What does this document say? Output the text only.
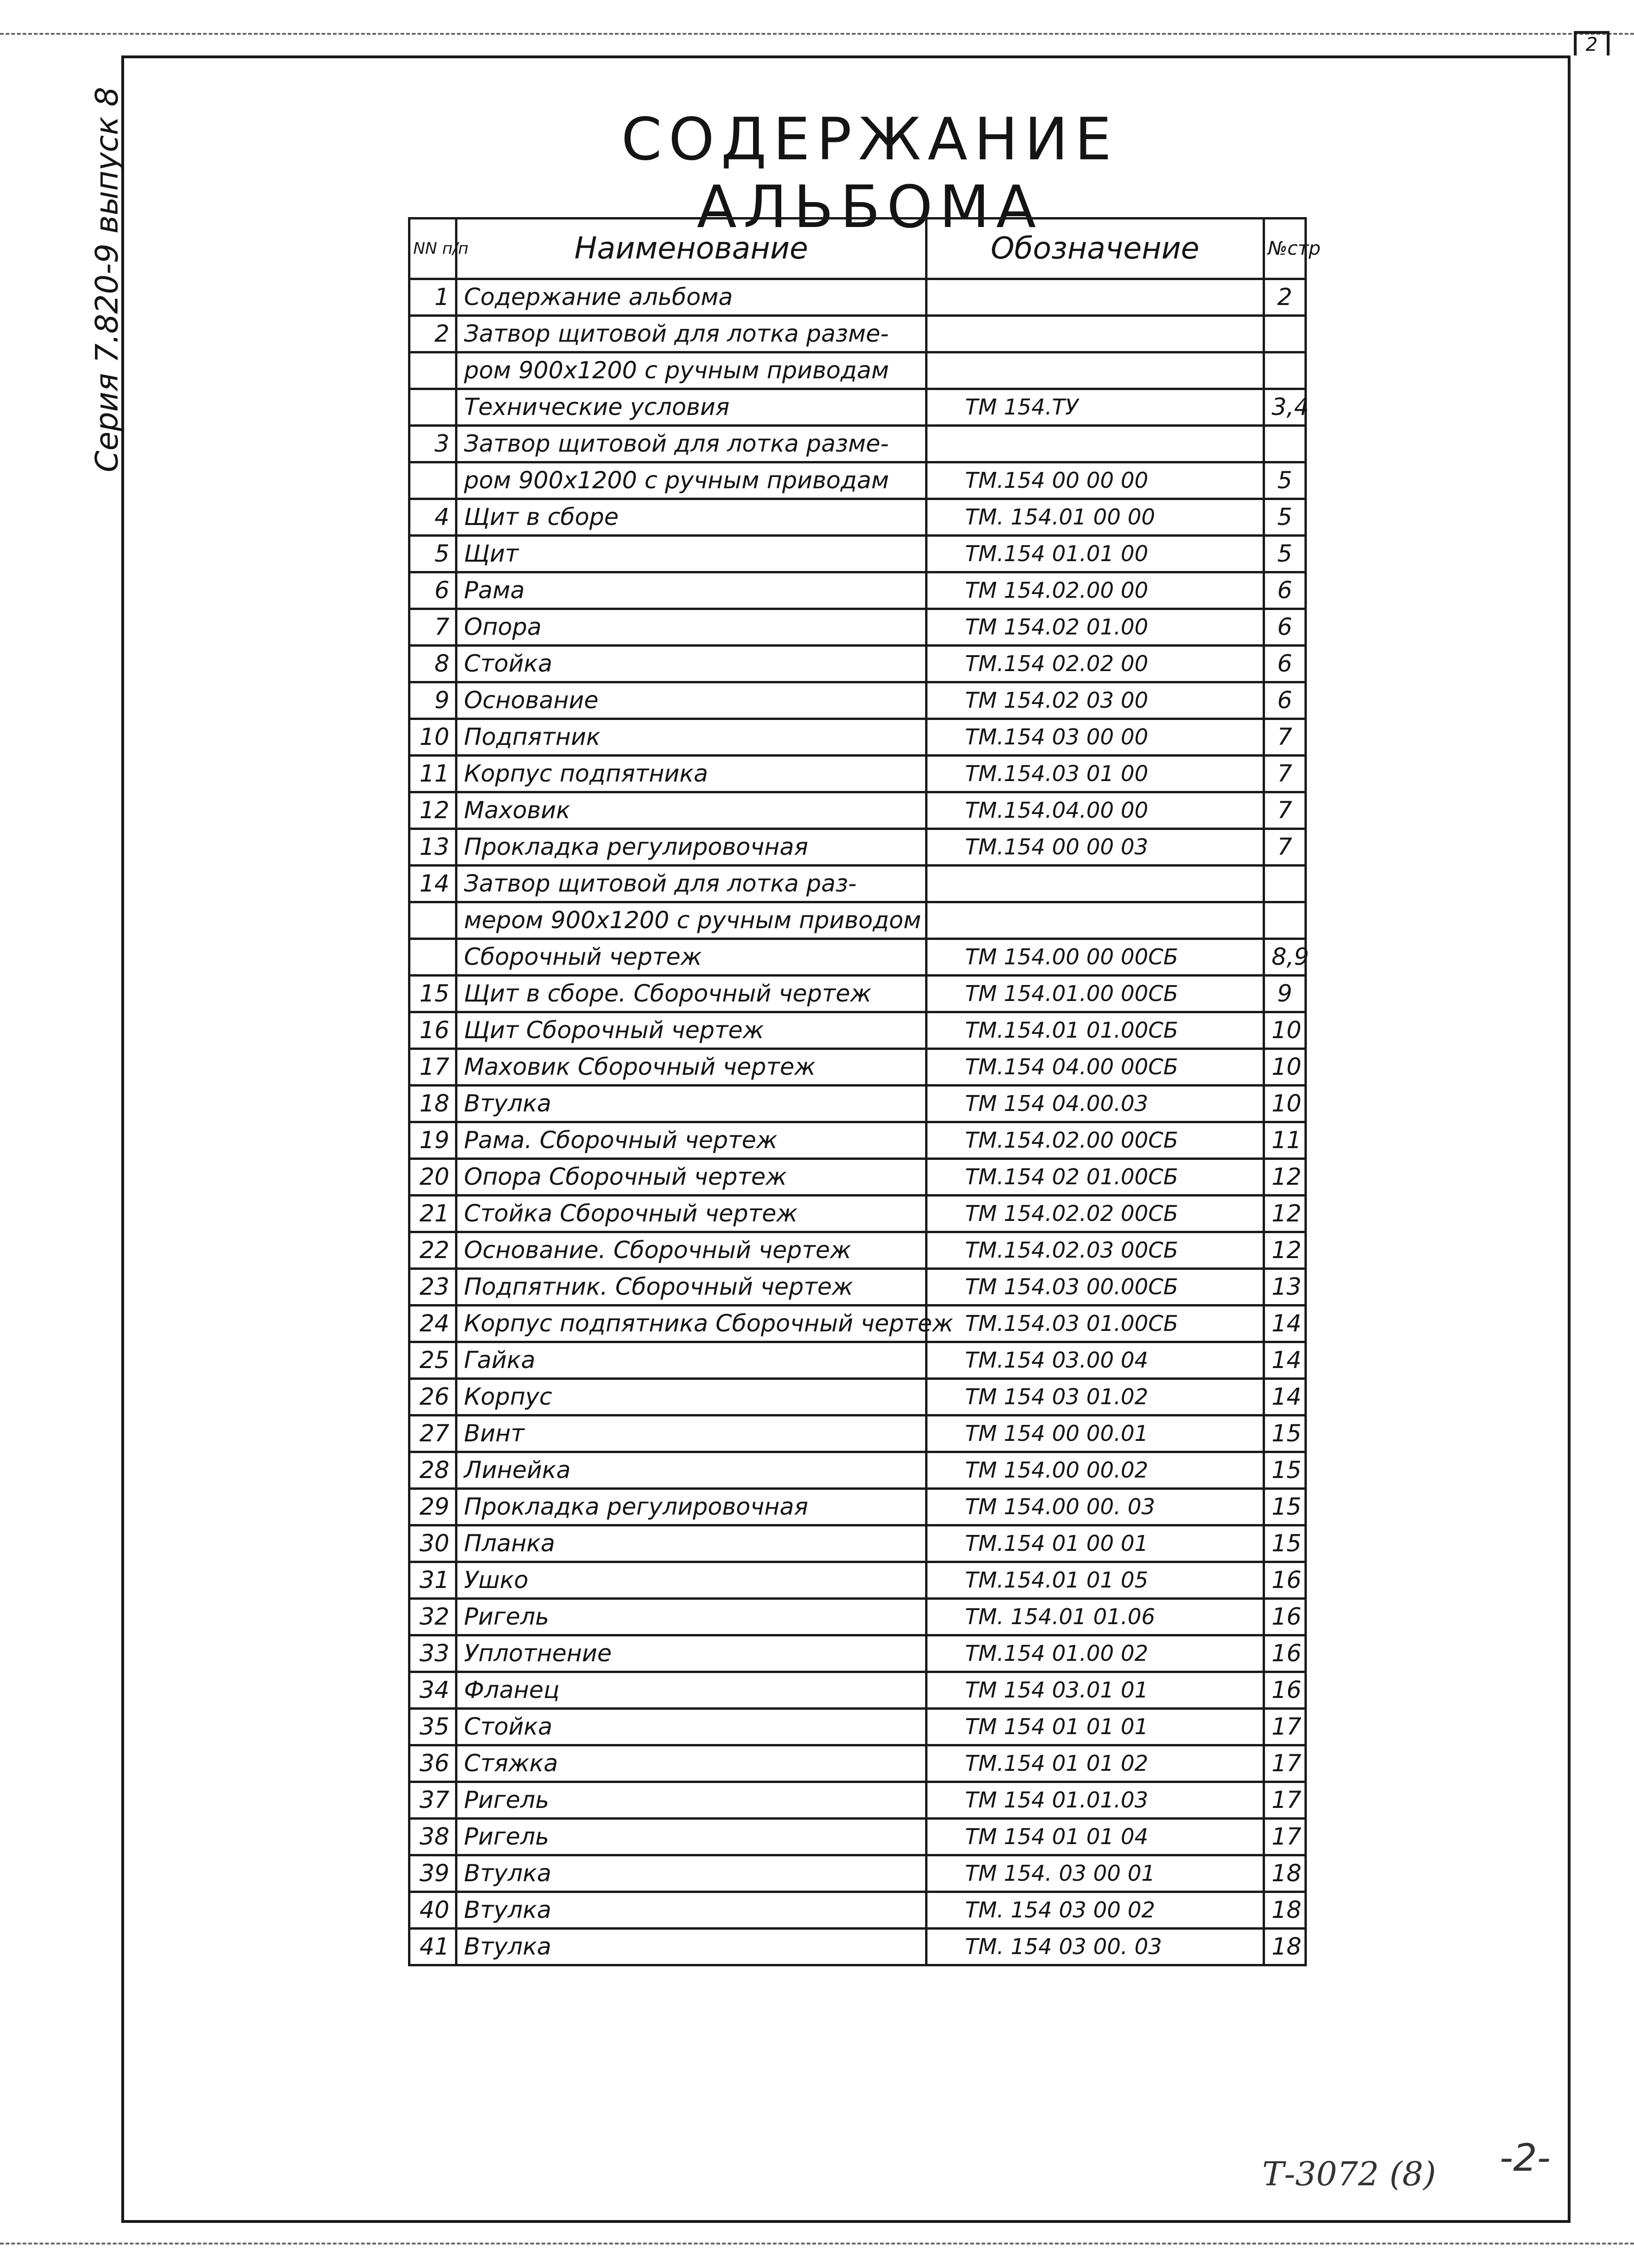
2
Серия 7.820-9 выпуск 8	СОДЕРЖАНИЕ АЛЬБОМА
NN п/п	Наименование	Обозначение	№стр
1	Содержание альбома		2
2	Затвор щитовой для лотка разме-		
	ром 900х1200 с ручным приводам		
	Технические условия	ТМ 154.ТУ	3,4
3	Затвор щитовой для лотка разме-		
	ром 900х1200 с ручным приводам	ТМ.154 00 00 00	5
4	Щит в сборе	ТМ. 154.01 00 00	5
5	Щит	ТМ.154 01.01 00	5
6	Рама	ТМ 154.02.00 00	6
7	Опора	ТМ 154.02 01.00	6
8	Стойка	ТМ.154 02.02 00	6
9	Основание	ТМ 154.02 03 00	6
10	Подпятник	ТМ.154 03 00 00	7
11	Корпус подпятника	ТМ.154.03 01 00	7
12	Маховик	ТМ.154.04.00 00	7
13	Прокладка регулировочная	ТМ.154 00 00 03	7
14	Затвор щитовой для лотка раз-		
	мером 900х1200 с ручным приводом		
	Сборочный чертеж	ТМ 154.00 00 00СБ	8,9
15	Щит в сборе. Сборочный чертеж	ТМ 154.01.00 00СБ	9
16	Щит Сборочный чертеж	ТМ.154.01 01.00СБ	10
17	Маховик Сборочный чертеж	ТМ.154 04.00 00СБ	10
18	Втулка	ТМ 154 04.00.03	10
19	Рама. Сборочный чертеж	ТМ.154.02.00 00СБ	11
20	Опора Сборочный чертеж	ТМ.154 02 01.00СБ	12
21	Стойка Сборочный чертеж	ТМ 154.02.02 00СБ	12
22	Основание. Сборочный чертеж	ТМ.154.02.03 00СБ	12
23	Подпятник. Сборочный чертеж	ТМ 154.03 00.00СБ	13
24	Корпус подпятника Сборочный чертеж	ТМ.154.03 01.00СБ	14
25	Гайка	ТМ.154 03.00 04	14
26	Корпус	ТМ 154 03 01.02	14
27	Винт	ТМ 154 00 00.01	15
28	Линейка	ТМ 154.00 00.02	15
29	Прокладка регулировочная	ТМ 154.00 00. 03	15
30	Планка	ТМ.154 01 00 01	15
31	Ушко	ТМ.154.01 01 05	16
32	Ригель	ТМ. 154.01 01.06	16
33	Уплотнение	ТМ.154 01.00 02	16
34	Фланец	ТМ 154 03.01 01	16
35	Стойка	ТМ 154 01 01 01	17
36	Стяжка	ТМ.154 01 01 02	17
37	Ригель	ТМ 154 01.01.03	17
38	Ригель	ТМ 154 01 01 04	17
39	Втулка	ТМ 154. 03 00 01	18
40	Втулка	ТМ. 154 03 00 02	18
41	Втулка	ТМ. 154 03 00. 03	18
Т-3072 (8) -2-
